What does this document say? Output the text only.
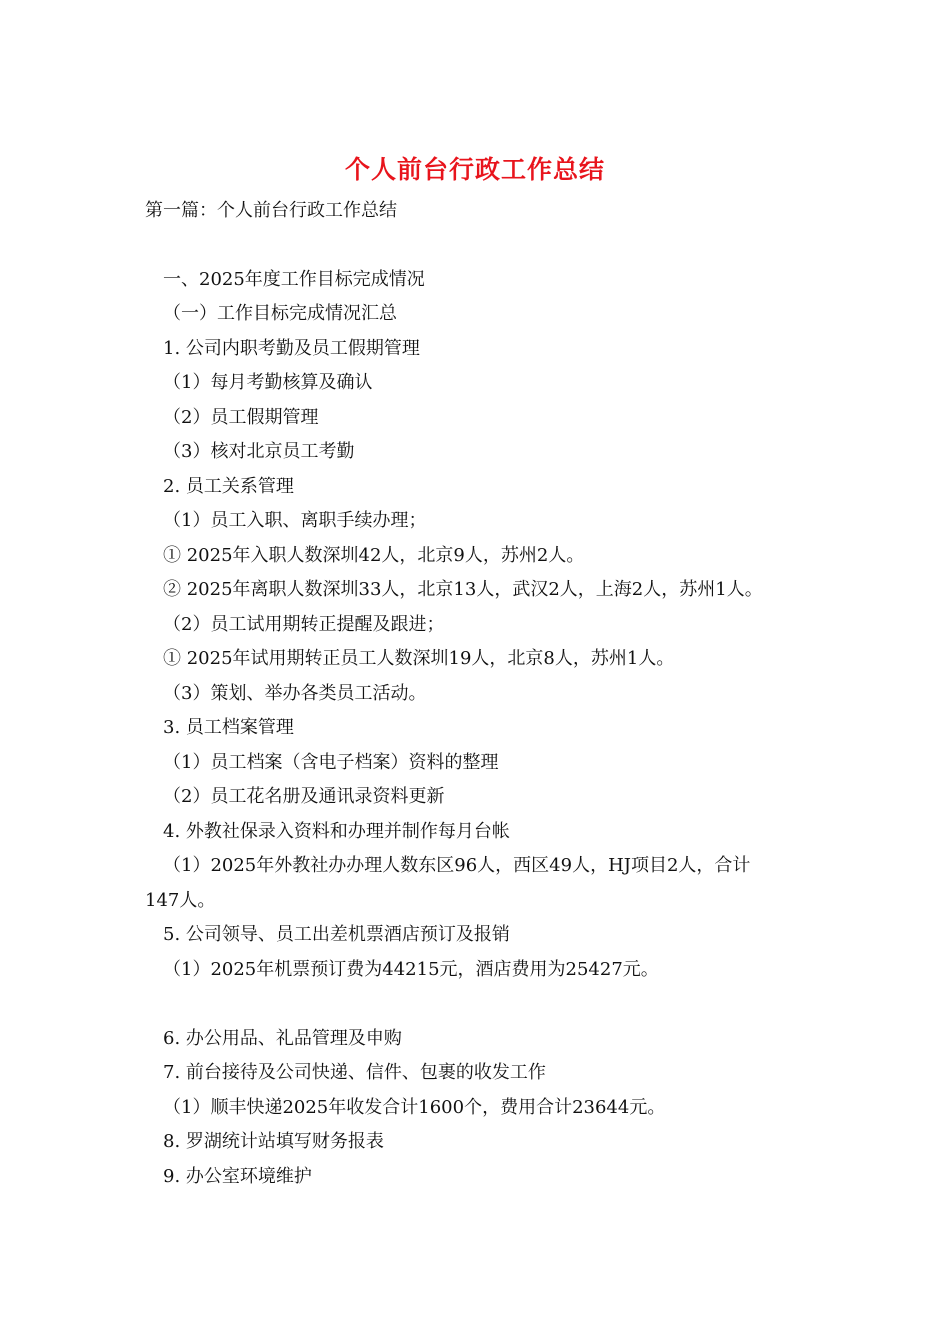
个人前台行政工作总结
第一篇：个人前台行政工作总结
一、2025年度工作目标完成情况
（一）工作目标完成情况汇总
1. 公司内职考勤及员工假期管理
（1）每月考勤核算及确认
（2）员工假期管理
（3）核对北京员工考勤
2. 员工关系管理
（1）员工入职、离职手续办理；
① 2025年入职人数深圳42人，北京9人，苏州2人。
② 2025年离职人数深圳33人，北京13人，武汉2人，上海2人，苏州1人。
（2）员工试用期转正提醒及跟进；
① 2025年试用期转正员工人数深圳19人，北京8人，苏州1人。
（3）策划、举办各类员工活动。
3. 员工档案管理
（1）员工档案（含电子档案）资料的整理
（2）员工花名册及通讯录资料更新
4. 外教社保录入资料和办理并制作每月台帐
（1）2025年外教社办办理人数东区96人，西区49人，HJ项目2人，合计
147人。
5. 公司领导、员工出差机票酒店预订及报销
（1）2025年机票预订费为44215元，酒店费用为25427元。
6. 办公用品、礼品管理及申购
7. 前台接待及公司快递、信件、包裹的收发工作
（1）顺丰快递2025年收发合计1600个，费用合计23644元。
8. 罗湖统计站填写财务报表
9. 办公室环境维护
